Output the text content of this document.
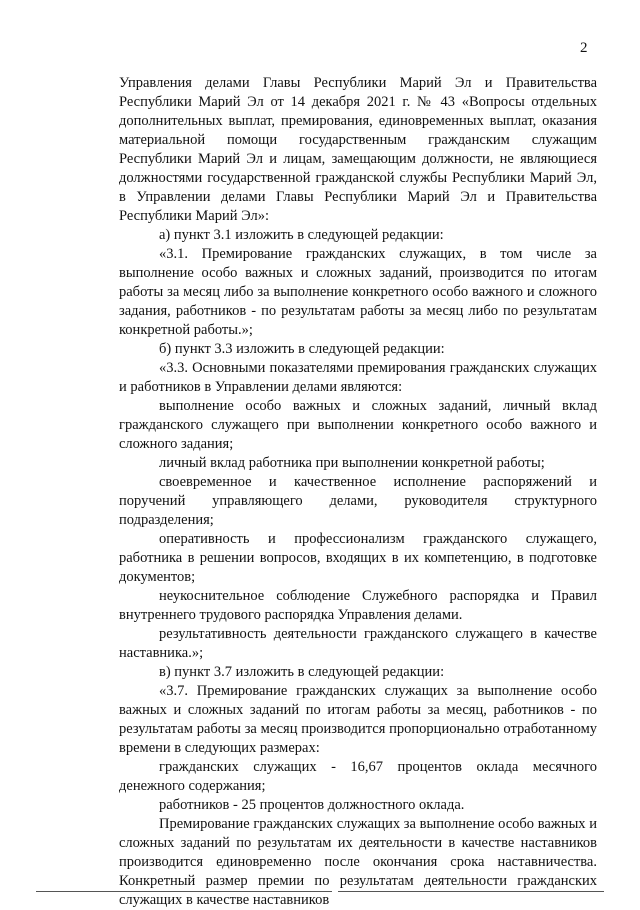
2

Управления делами Главы Республики Марий Эл и Правительства Республики Марий Эл от 14 декабря 2021 г. № 43 «Вопросы отдельных дополнительных выплат, премирования, единовременных выплат, оказания материальной помощи государственным гражданским служащим Республики Марий Эл и лицам, замещающим должности, не являющиеся должностями государственной гражданской службы Республики Марий Эл, в Управлении делами Главы Республики Марий Эл и Правительства Республики Марий Эл»:

а) пункт 3.1 изложить в следующей редакции:

«3.1. Премирование гражданских служащих, в том числе за выполнение особо важных и сложных заданий, производится по итогам работы за месяц либо за выполнение конкретного особо важного и сложного задания, работников - по результатам работы за месяц либо по результатам конкретной работы.»;

б) пункт 3.3 изложить в следующей редакции:

«3.3. Основными показателями премирования гражданских служащих и работников в Управлении делами являются:

выполнение особо важных и сложных заданий, личный вклад гражданского служащего при выполнении конкретного особо важного и сложного задания;

личный вклад работника при выполнении конкретной работы;

своевременное и качественное исполнение распоряжений и поручений управляющего делами, руководителя структурного подразделения;

оперативность и профессионализм гражданского служащего, работника в решении вопросов, входящих в их компетенцию, в подготовке документов;

неукоснительное соблюдение Служебного распорядка и Правил внутреннего трудового распорядка Управления делами.

результативность деятельности гражданского служащего в качестве наставника.»;

в) пункт 3.7 изложить в следующей редакции:

«3.7. Премирование гражданских служащих за выполнение особо важных и сложных заданий по итогам работы за месяц, работников - по результатам работы за месяц производится пропорционально отработанному времени в следующих размерах:

гражданских служащих - 16,67 процентов оклада месячного денежного содержания;

работников - 25 процентов должностного оклада.

Премирование гражданских служащих за выполнение особо важных и сложных заданий по результатам их деятельности в качестве наставников производится единовременно после окончания срока наставничества. Конкретный размер премии по результатам деятельности гражданских служащих в качестве наставников
